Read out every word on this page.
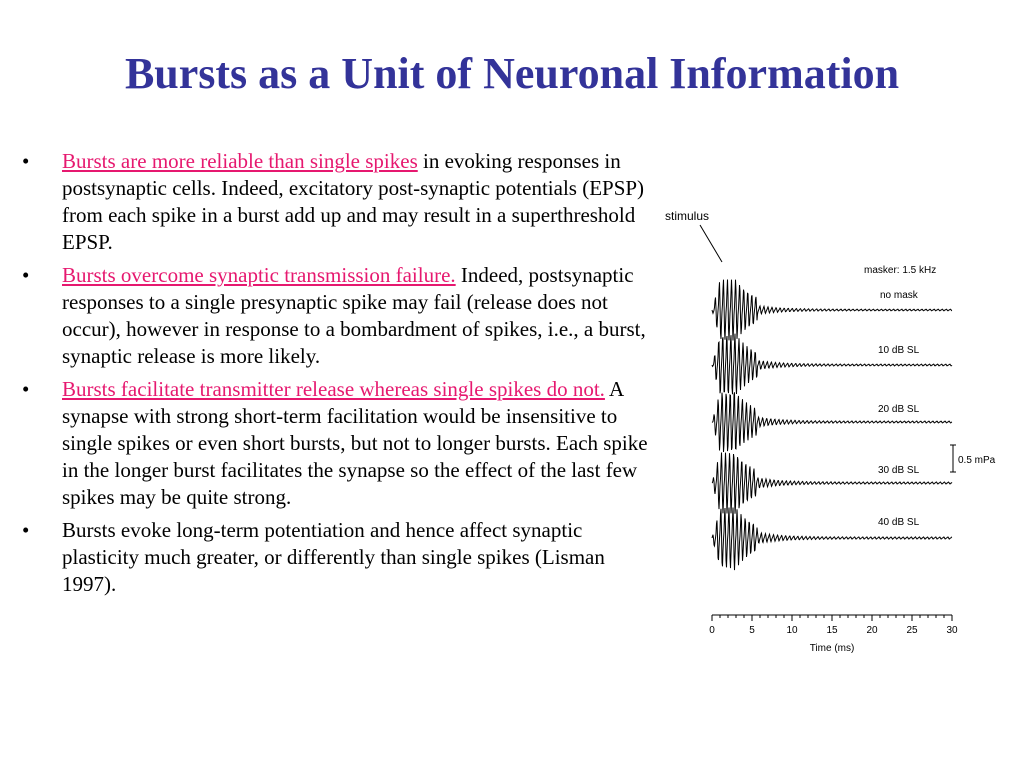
Bursts as a Unit of Neuronal Information
• Bursts are more reliable than single spikes in evoking responses in postsynaptic cells. Indeed, excitatory post-synaptic potentials (EPSP) from each spike in a burst add up and may result in a superthreshold EPSP.
• Bursts overcome synaptic transmission failure. Indeed, postsynaptic responses to a single presynaptic spike may fail (release does not occur), however in response to a bombardment of spikes, i.e., a burst, synaptic release is more likely.
• Bursts facilitate transmitter release whereas single spikes do not. A synapse with strong short-term facilitation would be insensitive to single spikes or even short bursts, but not to longer bursts. Each spike in the longer burst facilitates the synapse so the effect of the last few spikes may be quite strong.
• Bursts evoke long-term potentiation and hence affect synaptic plasticity much greater, or differently than single spikes (Lisman 1997).
stimulus
masker: 1.5 kHz
no mask
10 dB SL
20 dB SL
30 dB SL
40 dB SL
0.5 mPa
0	5	10	15	20	25	30
Time (ms)
